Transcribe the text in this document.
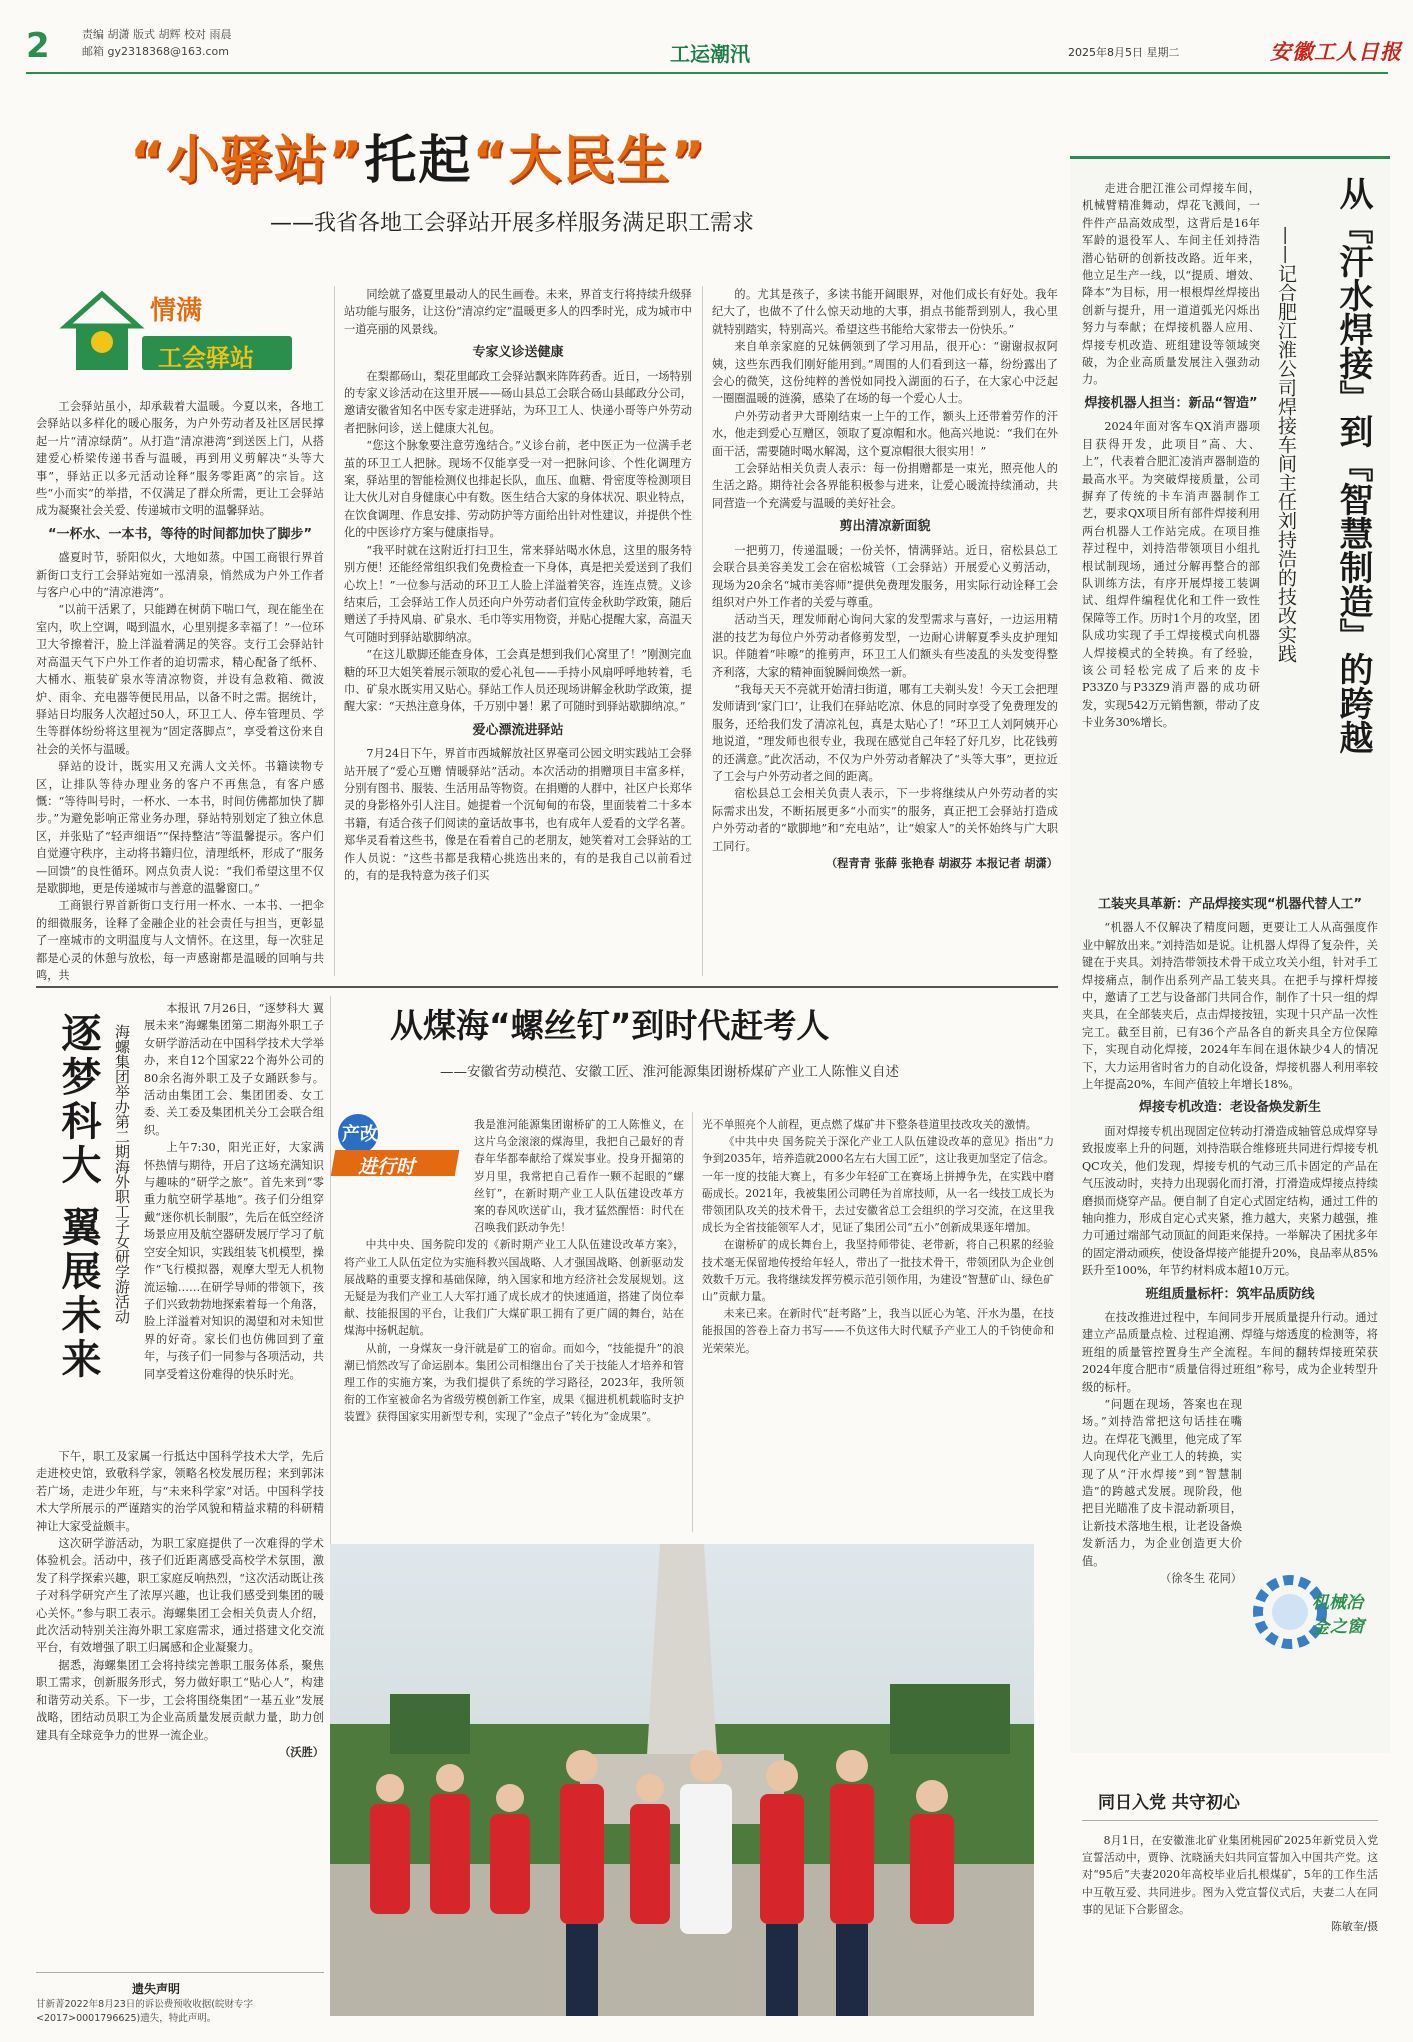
2	责编 胡潇 版式 胡辉 校对 雨晨
邮箱 gy2318368@163.com	工运潮汛	2025年8月5日 星期二	安徽工人日报
“小驿站”托起“大民生”
——我省各地工会驿站开展多样服务满足职工需求
情满
工会驿站

工会驿站虽小，却承载着大温暖。今夏以来，各地工会驿站以多样化的暖心服务，为户外劳动者及社区居民撑起一片“清凉绿荫”。从打造“清凉港湾”到送医上门，从搭建爱心桥梁传递书香与温暖，再到用义剪解决“头等大事”，驿站正以多元活动诠释“服务零距离”的宗旨。这些“小而实”的举措，不仅满足了群众所需，更让工会驿站成为凝聚社会关爱、传递城市文明的温馨驿站。

“一杯水、一本书，等待的时间都加快了脚步”

盛夏时节，骄阳似火，大地如蒸。中国工商银行界首新街口支行工会驿站宛如一泓清泉，悄然成为户外工作者与客户心中的“清凉港湾”。

“以前干活累了，只能蹲在树荫下喘口气，现在能坐在室内，吹上空调，喝到温水，心里别提多幸福了！”一位环卫大爷擦着汗，脸上洋溢着满足的笑容。支行工会驿站针对高温天气下户外工作者的迫切需求，精心配备了纸杯、大桶水、瓶装矿泉水等清凉物资，并设有急救箱、微波炉、雨伞、充电器等便民用品，以备不时之需。据统计，驿站日均服务人次超过50人，环卫工人、停车管理员、学生等群体纷纷将这里视为“固定落脚点”，享受着这份来自社会的关怀与温暖。

驿站的设计，既实用又充满人文关怀。书籍读物专区，让排队等待办理业务的客户不再焦急，有客户感慨：“等待叫号时，一杯水、一本书，时间仿佛都加快了脚步。”为避免影响正常业务办理，驿站特别划定了独立休息区，并张贴了“轻声细语”“保持整洁”等温馨提示。客户们自觉遵守秩序，主动将书籍归位，清理纸杯，形成了“服务—回馈”的良性循环。网点负责人说：“我们希望这里不仅是歇脚地，更是传递城市与善意的温馨窗口。”

工商银行界首新街口支行用一杯水、一本书、一把伞的细微服务，诠释了金融企业的社会责任与担当，更彰显了一座城市的文明温度与人文情怀。在这里，每一次驻足都是心灵的休憩与放松，每一声感谢都是温暖的回响与共鸣，共

同绘就了盛夏里最动人的民生画卷。未来，界首支行将持续升级驿站功能与服务，让这份“清凉约定”温暖更多人的四季时光，成为城市中一道亮丽的风景线。

专家义诊送健康

在梨都砀山，梨花里邮政工会驿站飘来阵阵药香。近日，一场特别的专家义诊活动在这里开展——砀山县总工会联合砀山县邮政分公司，邀请安徽省知名中医专家走进驿站，为环卫工人、快递小哥等户外劳动者把脉问诊，送上健康大礼包。

“您这个脉象要注意劳逸结合。”义诊台前，老中医正为一位满手老茧的环卫工人把脉。现场不仅能享受一对一把脉问诊、个性化调理方案，驿站里的智能检测仪也排起长队，血压、血糖、骨密度等检测项目让大伙儿对自身健康心中有数。医生结合大家的身体状况、职业特点，在饮食调理、作息安排、劳动防护等方面给出针对性建议，并提供个性化的中医诊疗方案与健康指导。

“我平时就在这附近打扫卫生，常来驿站喝水休息，这里的服务特别方便！还能经常组织我们免费检查一下身体，真是把关爱送到了我们心坎上！”一位参与活动的环卫工人脸上洋溢着笑容，连连点赞。义诊结束后，工会驿站工作人员还向户外劳动者们宣传金秋助学政策，随后赠送了手持风扇、矿泉水、毛巾等实用物资，并贴心提醒大家，高温天气可随时到驿站歇脚纳凉。

“在这儿歇脚还能查身体，工会真是想到我们心窝里了！”刚测完血糖的环卫大姐笑着展示领取的爱心礼包——手持小风扇呼呼地转着，毛巾、矿泉水既实用又贴心。驿站工作人员还现场讲解金秋助学政策，提醒大家：“天热注意身体，千万别中暑！累了可随时到驿站歇脚纳凉。”

爱心漂流进驿站

7月24日下午，界首市西城解放社区界毫司公园文明实践站工会驿站开展了“爱心互赠 情暖驿站”活动。本次活动的捐赠项目丰富多样，分别有图书、服装、生活用品等物资。在捐赠的人群中，社区户长郑华灵的身影格外引人注目。她提着一个沉甸甸的布袋，里面装着二十多本书籍，有适合孩子们阅读的童话故事书，也有成年人爱看的文学名著。郑华灵看着这些书，像是在看着自己的老朋友，她笑着对工会驿站的工作人员说：“这些书都是我精心挑选出来的，有的是我自己以前看过的，有的是我特意为孩子们买

的。尤其是孩子，多读书能开阔眼界，对他们成长有好处。我年纪大了，也做不了什么惊天动地的大事，捐点书能帮到别人，我心里就特别踏实，特别高兴。希望这些书能给大家带去一份快乐。”

来自单亲家庭的兄妹俩领到了学习用品，很开心：“谢谢叔叔阿姨，这些东西我们刚好能用到。”周围的人们看到这一幕，纷纷露出了会心的微笑，这份纯粹的善悦如同投入湖面的石子，在大家心中泛起一圈圈温暖的涟漪，感染了在场的每一个爱心人士。

户外劳动者尹大哥刚结束一上午的工作，额头上还带着劳作的汗水，他走到爱心互赠区，领取了夏凉帽和水。他高兴地说：“我们在外面干活，需要随时喝水解渴，这个夏凉帽很大很实用！”

工会驿站相关负责人表示：每一份捐赠都是一束光，照亮他人的生活之路。期待社会各界能积极参与进来，让爱心暖流持续涌动，共同营造一个充满爱与温暖的美好社会。

剪出清凉新面貌

一把剪刀，传递温暖；一份关怀，情满驿站。近日，宿松县总工会联合县美容美发工会在宿松城管（工会驿站）开展爱心义剪活动，现场为20余名“城市美容师”提供免费理发服务，用实际行动诠释工会组织对户外工作者的关爱与尊重。

活动当天，理发师耐心询问大家的发型需求与喜好，一边运用精湛的技艺为每位户外劳动者修剪发型，一边耐心讲解夏季头皮护理知识。伴随着“咔嚓”的推剪声，环卫工人们额头有些凌乱的头发变得整齐利落，大家的精神面貌瞬间焕然一新。

“我每天天不亮就开始清扫街道，哪有工夫剃头发！今天工会把理发师请到‘家门口’，让我们在驿站吃凉、休息的同时享受了免费理发的服务，还给我们发了清凉礼包，真是太贴心了！”环卫工人刘阿姨开心地说道，“理发师也很专业，我现在感觉自己年轻了好几岁，比花钱剪的还满意。”此次活动，不仅为户外劳动者解决了“头等大事”，更拉近了工会与户外劳动者之间的距离。

宿松县总工会相关负责人表示，下一步将继续从户外劳动者的实际需求出发，不断拓展更多“小而实”的服务，真正把工会驿站打造成户外劳动者的“歇脚地”和“充电站”，让“娘家人”的关怀始终与广大职工同行。

（程青青 张薛 张艳春 胡淑芬 本报记者 胡潇）
从『汗水焊接』到『智慧制造』的跨越
——记合肥江淮公司焊接车间主任刘持浩的技改实践

走进合肥江淮公司焊接车间，机械臂精准舞动，焊花飞溅间，一件件产品高效成型，这背后是16年军龄的退役军人、车间主任刘持浩潜心钻研的创新技改路。近年来，他立足生产一线，以“提质、增效、降本”为目标，用一根根焊丝焊接出创新与提升，用一道道弧光闪烁出努力与奉献；在焊接机器人应用、焊接专机改造、班组建设等领域突破，为企业高质量发展注入强劲动力。

焊接机器人担当：新品“智造”

2024年面对客车QX消声器项目获得开发，此项目“高、大、上”，代表着合肥汇凌消声器制造的最高水平。为突破焊接质量，公司摒弃了传统的卡车消声器制作工艺，要求QX项目所有部件焊接利用两台机器人工作站完成。在项目推荐过程中，刘持浩带领项目小组扎根试制现场，通过分解再整合的部队训练方法，有序开展焊接工装调试、组焊件编程优化和工件一致性保障等工作。历时1个月的攻坚，团队成功实现了手工焊接模式向机器人焊接模式的全转换。有了经验，该公司轻松完成了后来的皮卡P33Z0与P33Z9消声器的成功研发，实现542万元销售额，带动了皮卡业务30%增长。

工装夹具革新：产品焊接实现“机器代替人工”

“机器人不仅解决了精度问题，更要让工人从高强度作业中解放出来。”刘持浩如是说。让机器人焊得了复杂件，关键在于夹具。刘持浩带领技术骨干成立攻关小组，针对手工焊接痛点，制作出系列产品工装夹具。在把手与撑杆焊接中，邀请了工艺与设备部门共同合作，制作了十只一组的焊夹具，在全部装夹后，点击焊接按钮，实现十只产品一次性完工。截至目前，已有36个产品各自的新夹具全方位保障下，实现自动化焊接，2024年车间在退休缺少4人的情况下，大力运用省时省力的自动化设备，焊接机器人利用率较上年提高20%，车间产值较上年增长18%。

焊接专机改造：老设备焕发新生

面对焊接专机出现固定位转动打滑造成轴管总成焊穿导致报废率上升的问题，刘持浩联合维修班共同进行焊接专机QC攻关，他们发现，焊接专机的气动三爪卡固定的产品在气压波动时，夹持力出现弱化而打滑，打滑造成焊接点持续磨损而烧穿产品。便自制了自定心式固定结构，通过工件的轴向推力，形成自定心式夹紧，推力越大，夹紧力越强，推力可通过端部气动顶缸的间距来保持。一举解决了困扰多年的固定滑动顽疾，使设备焊接产能提升20%，良品率从85%跃升至100%，年节约材料成本超10万元。

班组质量标杆：筑牢品质防线

在技改推进过程中，车间同步开展质量提升行动。通过建立产品质量点检、过程追溯、焊缝与熔透度的检测等，将班组的质量管控置身生产全流程。车间的翻转焊接班荣获2024年度合肥市“质量信得过班组”称号，成为企业转型升级的标杆。

“问题在现场，答案也在现场。”刘持浩常把这句话挂在嘴边。在焊花飞溅里，他完成了军人向现代化产业工人的转换，实现了从“汗水焊接”到“智慧制造”的跨越式发展。现阶段，他把目光瞄准了皮卡混动新项目，让新技术落地生根，让老设备焕发新活力，为企业创造更大价值。

（徐冬生 花同）
机械冶金 之窗
逐梦科大 翼展未来 海螺集团举办第二期海外职工子女研学游活动

本报讯 7月26日，“逐梦科大 翼展未来”海螺集团第二期海外职工子女研学游活动在中国科学技术大学举办，来自12个国家22个海外公司的80余名海外职工及子女踊跃参与。活动由集团工会、集团团委、女工委、关工委及集团机关分工会联合组织。

上午7:30，阳光正好，大家满怀热情与期待，开启了这场充满知识与趣味的“研学之旅”。首先来到“零重力航空研学基地”。孩子们分组穿戴“迷你机长制服”，先后在低空经济场景应用及航空器研发展厅学习了航空安全知识，实践组装飞机模型，操作“飞行模拟器，观摩大型无人机物流运输……在研学导师的带领下，孩子们兴致勃勃地探索着每一个角落，脸上洋溢着对知识的渴望和对未知世界的好奇。家长们也仿佛回到了童年，与孩子们一同参与各项活动，共同享受着这份难得的快乐时光。

下午，职工及家属一行抵达中国科学技术大学，先后走进校史馆，致敬科学家，领略名校发展历程；来到郭沫若广场，走进少年班，与“未来科学家”对话。中国科学技术大学所展示的严谨踏实的治学风貌和精益求精的科研精神让大家受益颇丰。

这次研学游活动，为职工家庭提供了一次难得的学术体验机会。活动中，孩子们近距离感受高校学术氛围，激发了科学探索兴趣，职工家庭反响热烈，“这次活动既让孩子对科学研究产生了浓厚兴趣，也让我们感受到集团的暖心关怀。”参与职工表示。海螺集团工会相关负责人介绍，此次活动特别关注海外职工家庭需求，通过搭建文化交流平台，有效增强了职工归属感和企业凝聚力。

据悉，海螺集团工会将持续完善职工服务体系，聚焦职工需求，创新服务形式，努力做好职工“贴心人”，构建和谐劳动关系。下一步，工会将围绕集团“一基五业”发展战略，团结动员职工为企业高质量发展贡献力量，助力创建具有全球竞争力的世界一流企业。

（沃胜）
遗失声明
甘新菁2022年8月23日的诉讼费预收收据(皖财专字<2017>0001796625)遗失，特此声明。
从煤海“螺丝钉”到时代赶考人
——安徽省劳动模范、安徽工匠、淮河能源集团谢桥煤矿产业工人陈惟义自述
产改
进行时

我是淮河能源集团谢桥矿的工人陈惟义，在这片乌金滚滚的煤海里，我把自己最好的青春年华都奉献给了煤炭事业。投身开掘第的岁月里，我常把自己看作一颗不起眼的“螺丝钉”，在新时期产业工人队伍建设改革方案的春风吹送矿山，我才猛然醒悟：时代在召唤我们跃动争先！

中共中央、国务院印发的《新时期产业工人队伍建设改革方案》，将产业工人队伍定位为实施科教兴国战略、人才强国战略、创新驱动发展战略的重要支撑和基础保障，纳入国家和地方经济社会发展规划。这无疑是为我们产业工人大军打通了成长成才的快速通道，搭建了岗位奉献、技能报国的平台，让我们广大煤矿职工拥有了更广阔的舞台，站在煤海中扬帆起航。

从前，一身煤灰一身汗就是矿工的宿命。而如今，“技能提升”的浪潮已悄然改写了命运剧本。集团公司相继出台了关于技能人才培养和管理工作的实施方案，为我们提供了系统的学习路径，2023年，我所领衔的工作室被命名为省级劳模创新工作室，成果《掘进机机载临时支护装置》获得国家实用新型专利，实现了“金点子”转化为“金成果”。

光不单照亮个人前程，更点燃了煤矿井下整条巷道里技改攻关的激情。

《中共中央 国务院关于深化产业工人队伍建设改革的意见》指出“力争到2035年，培养造就2000名左右大国工匠”，这让我更加坚定了信念。一年一度的技能大赛上，有多少年轻矿工在赛场上拼搏争先，在实践中磨砺成长。2021年，我被集团公司聘任为首席技师，从一名一线技工成长为带领团队攻关的技术骨干，去过安徽省总工会组织的学习交流，在这里我成长为全省技能领军人才，见证了集团公司“五小”创新成果逐年增加。

在谢桥矿的成长舞台上，我坚持师带徒、老带新，将自己积累的经验技术毫无保留地传授给年轻人，带出了一批技术骨干，带领团队为企业创效数千万元。我将继续发挥劳模示范引领作用，为建设“智慧矿山、绿色矿山”贡献力量。

未来已来。在新时代“赶考路”上，我当以匠心为笔、汗水为墨，在技能报国的答卷上奋力书写——不负这伟大时代赋予产业工人的千钧使命和光荣荣光。

同日入党 共守初心

8月1日，在安徽淮北矿业集团桃园矿2025年新党员入党宣誓活动中，贾铮、沈晓涵夫妇共同宣誓加入中国共产党。这对“95后”夫妻2020年高校毕业后扎根煤矿，5年的工作生活中互敬互爱、共同进步。图为入党宣誓仪式后，夫妻二人在同事的见证下合影留念。

陈敏奎/摄
